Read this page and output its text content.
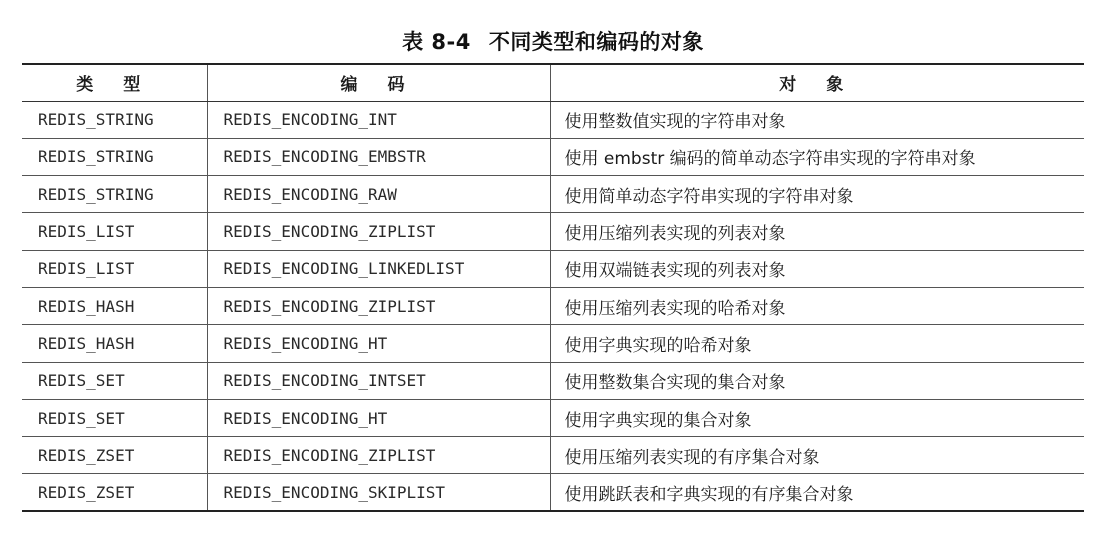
表 8-4 不同类型和编码的对象
类 型	编 码	对 象
REDIS_STRING	REDIS_ENCODING_INT	使用整数值实现的字符串对象
REDIS_STRING	REDIS_ENCODING_EMBSTR	使用 embstr 编码的简单动态字符串实现的字符串对象
REDIS_STRING	REDIS_ENCODING_RAW	使用简单动态字符串实现的字符串对象
REDIS_LIST	REDIS_ENCODING_ZIPLIST	使用压缩列表实现的列表对象
REDIS_LIST	REDIS_ENCODING_LINKEDLIST	使用双端链表实现的列表对象
REDIS_HASH	REDIS_ENCODING_ZIPLIST	使用压缩列表实现的哈希对象
REDIS_HASH	REDIS_ENCODING_HT	使用字典实现的哈希对象
REDIS_SET	REDIS_ENCODING_INTSET	使用整数集合实现的集合对象
REDIS_SET	REDIS_ENCODING_HT	使用字典实现的集合对象
REDIS_ZSET	REDIS_ENCODING_ZIPLIST	使用压缩列表实现的有序集合对象
REDIS_ZSET	REDIS_ENCODING_SKIPLIST	使用跳跃表和字典实现的有序集合对象
